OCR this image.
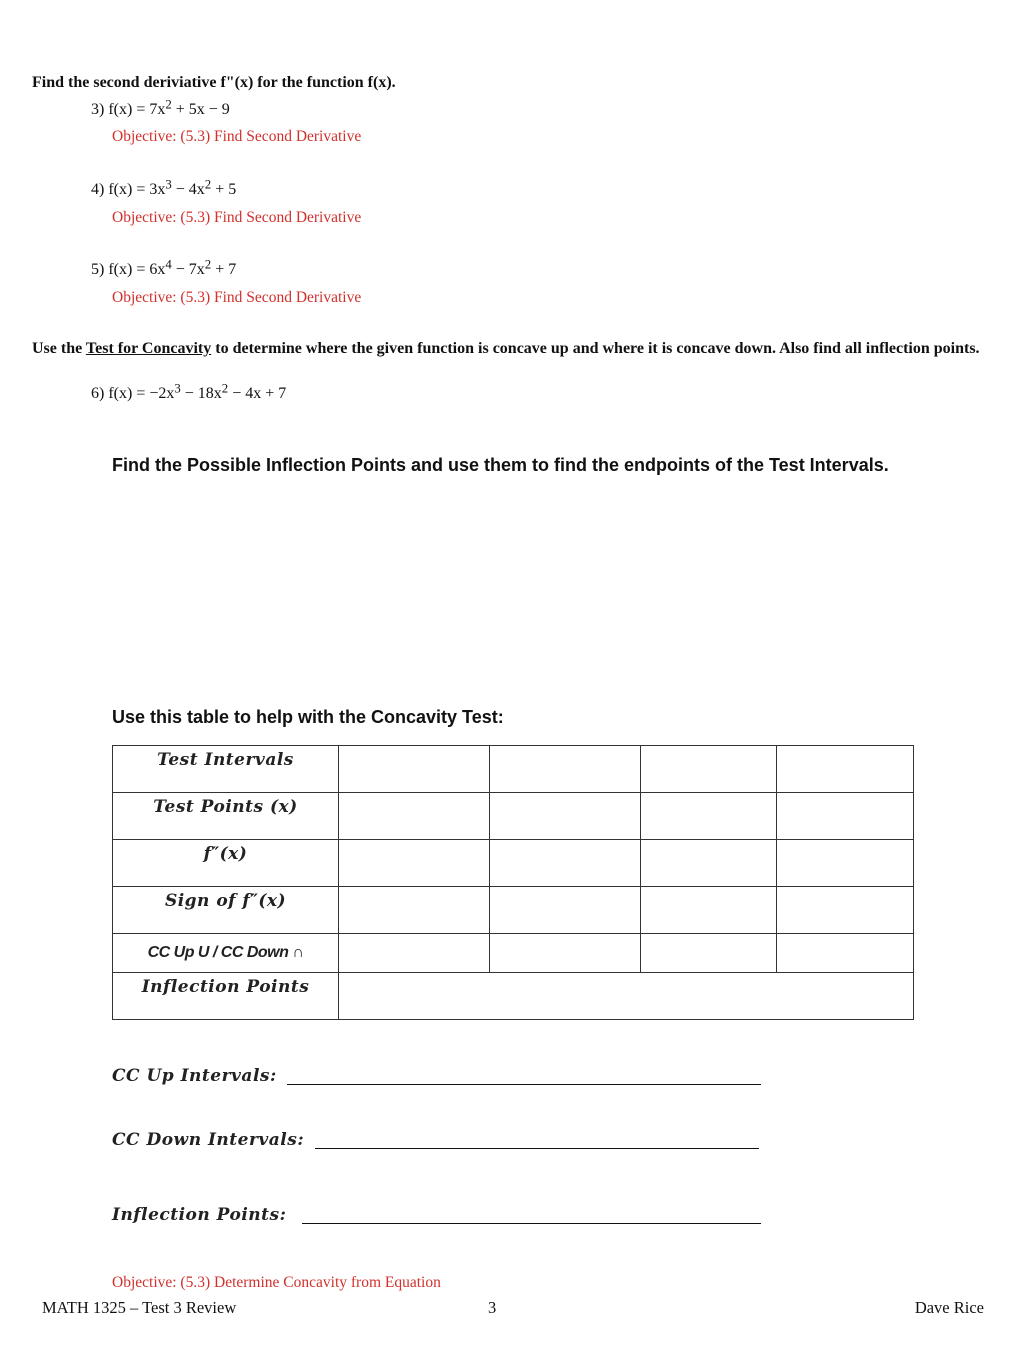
Find the second deriviative f"(x) for the function f(x).
3) $f(x) = 7x^2 + 5x - 9$
Objective: (5.3) Find Second Derivative
4) $f(x) = 3x^3 - 4x^2 + 5$
Objective: (5.3) Find Second Derivative
5) $f(x) = 6x^4 - 7x^2 + 7$
Objective: (5.3) Find Second Derivative
Use the Test for Concavity to determine where the given function is concave up and where it is concave down. Also find all inflection points.
6) $f(x) = -2x^3 - 18x^2 - 4x + 7$
Find the Possible Inflection Points and use them to find the endpoints of the Test Intervals.
Use this table to help with the Concavity Test:
Test Intervals				
Test Points (x)				
f″(x)				
Sign of f″(x)				
CC Up U / CC Down ∩				
Inflection Points				
CC Up Intervals:
CC Down Intervals:
Inflection Points:
Objective: (5.3) Determine Concavity from Equation
MATH 1325 – Test 3 Review	3	Dave Rice
